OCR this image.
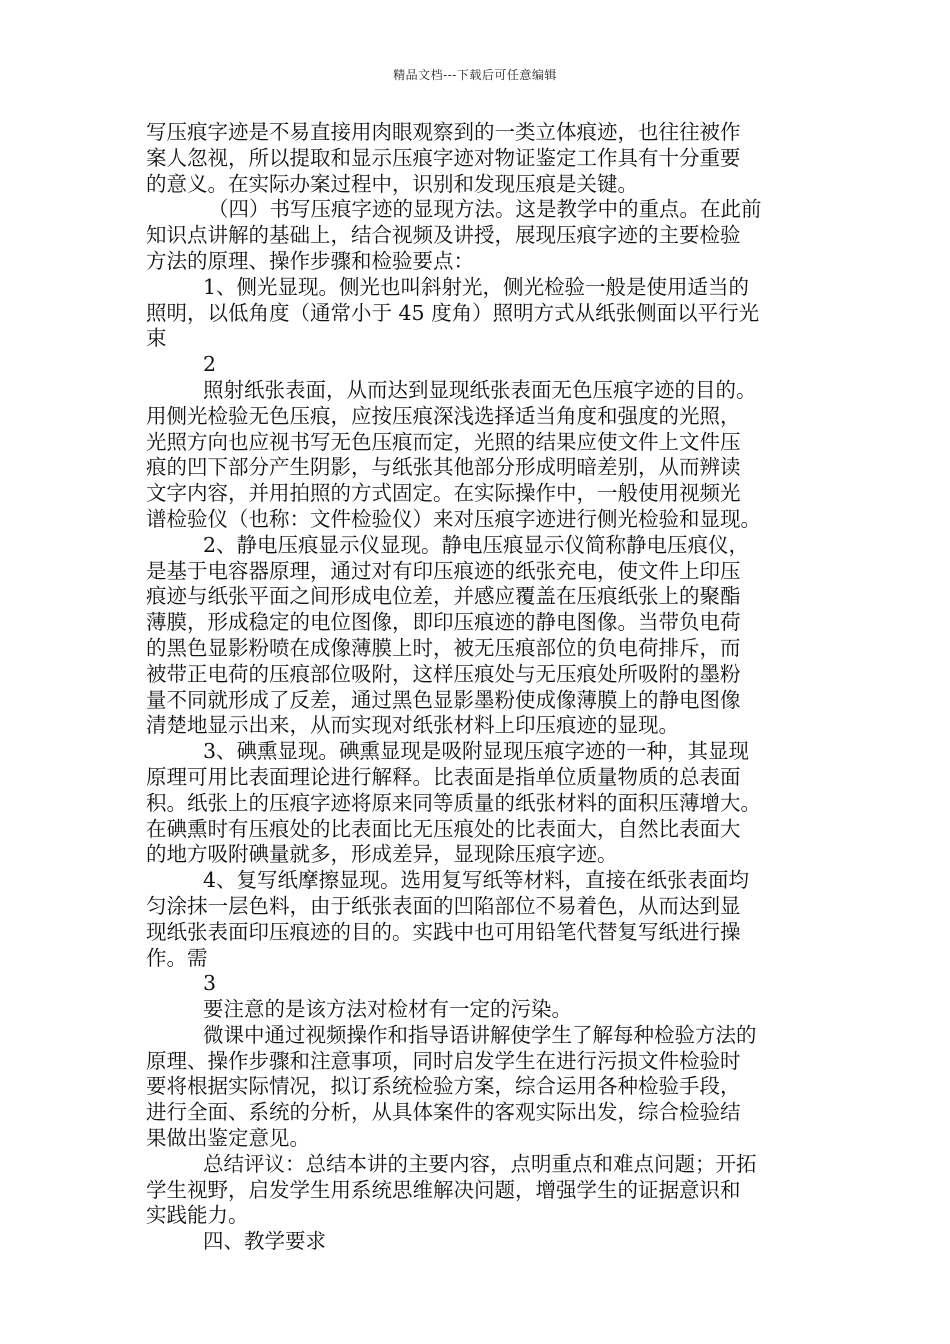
精品文档---下载后可任意编辑
写压痕字迹是不易直接用肉眼观察到的一类立体痕迹，也往往被作
案人忽视，所以提取和显示压痕字迹对物证鉴定工作具有十分重要
的意义。在实际办案过程中，识别和发现压痕是关键。
（四）书写压痕字迹的显现方法。这是教学中的重点。在此前
知识点讲解的基础上，结合视频及讲授，展现压痕字迹的主要检验
方法的原理、操作步骤和检验要点：
1、侧光显现。侧光也叫斜射光，侧光检验一般是使用适当的
照明，以低角度（通常小于 45 度角）照明方式从纸张侧面以平行光
束
2
照射纸张表面，从而达到显现纸张表面无色压痕字迹的目的。
用侧光检验无色压痕，应按压痕深浅选择适当角度和强度的光照，
光照方向也应视书写无色压痕而定，光照的结果应使文件上文件压
痕的凹下部分产生阴影，与纸张其他部分形成明暗差别，从而辨读
文字内容，并用拍照的方式固定。在实际操作中，一般使用视频光
谱检验仪（也称：文件检验仪）来对压痕字迹进行侧光检验和显现。
2、静电压痕显示仪显现。静电压痕显示仪简称静电压痕仪，
是基于电容器原理，通过对有印压痕迹的纸张充电，使文件上印压
痕迹与纸张平面之间形成电位差，并感应覆盖在压痕纸张上的聚酯
薄膜，形成稳定的电位图像，即印压痕迹的静电图像。当带负电荷
的黑色显影粉喷在成像薄膜上时，被无压痕部位的负电荷排斥，而
被带正电荷的压痕部位吸附，这样压痕处与无压痕处所吸附的墨粉
量不同就形成了反差，通过黑色显影墨粉使成像薄膜上的静电图像
清楚地显示出来，从而实现对纸张材料上印压痕迹的显现。
3、碘熏显现。碘熏显现是吸附显现压痕字迹的一种，其显现
原理可用比表面理论进行解释。比表面是指单位质量物质的总表面
积。纸张上的压痕字迹将原来同等质量的纸张材料的面积压薄增大。
在碘熏时有压痕处的比表面比无压痕处的比表面大，自然比表面大
的地方吸附碘量就多，形成差异，显现除压痕字迹。
4、复写纸摩擦显现。选用复写纸等材料，直接在纸张表面均
匀涂抹一层色料，由于纸张表面的凹陷部位不易着色，从而达到显
现纸张表面印压痕迹的目的。实践中也可用铅笔代替复写纸进行操
作。需
3
要注意的是该方法对检材有一定的污染。
微课中通过视频操作和指导语讲解使学生了解每种检验方法的
原理、操作步骤和注意事项，同时启发学生在进行污损文件检验时
要将根据实际情况，拟订系统检验方案，综合运用各种检验手段，
进行全面、系统的分析，从具体案件的客观实际出发，综合检验结
果做出鉴定意见。
总结评议：总结本讲的主要内容，点明重点和难点问题；开拓
学生视野，启发学生用系统思维解决问题，增强学生的证据意识和
实践能力。
四、教学要求
